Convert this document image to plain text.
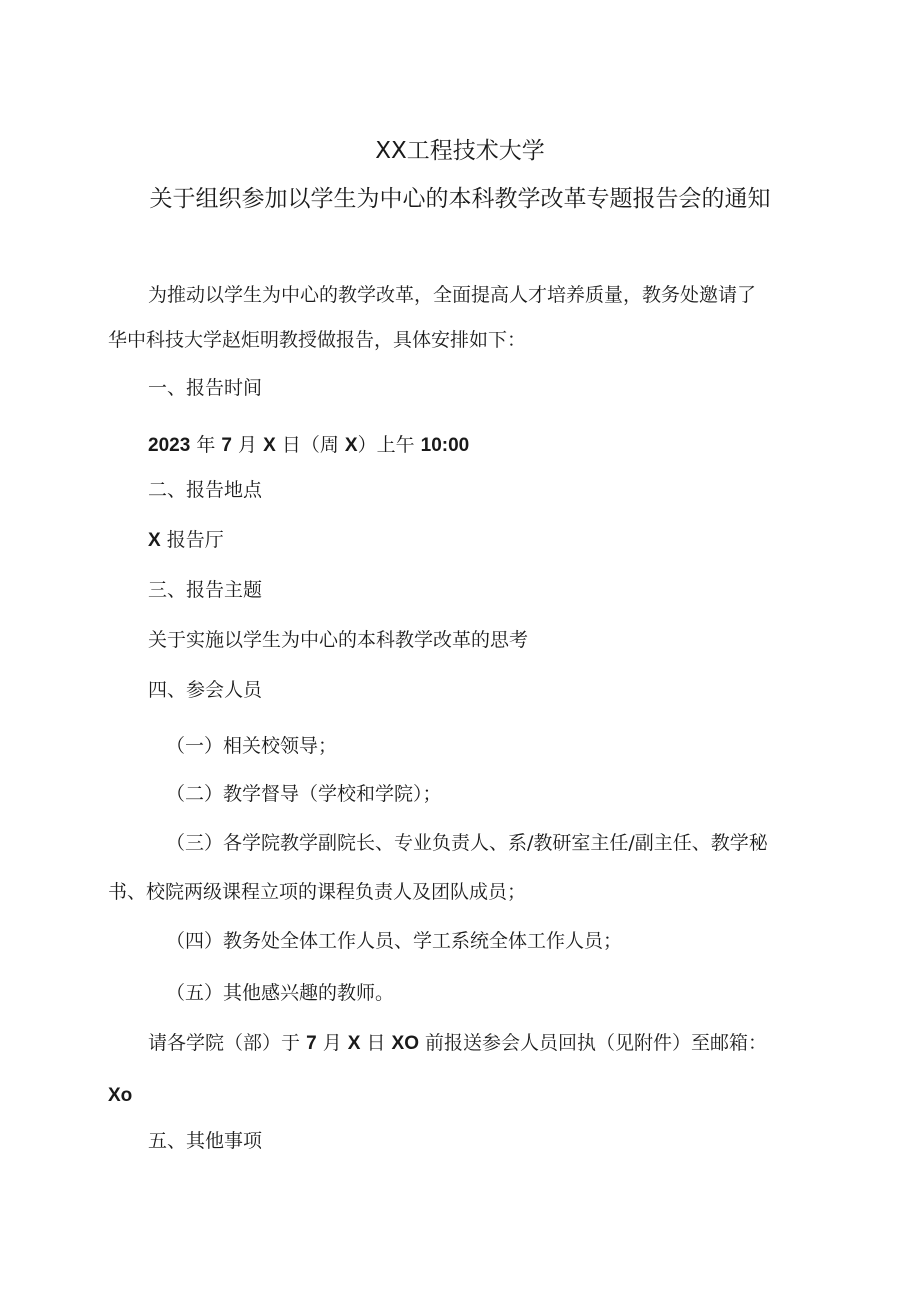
XX工程技术大学
关于组织参加以学生为中心的本科教学改革专题报告会的通知
为推动以学生为中心的教学改革，全面提高人才培养质量，教务处邀请了
华中科技大学赵炬明教授做报告，具体安排如下：
一、报告时间
2023 年 7 月 X 日（周 X）上午 10:00
二、报告地点
X 报告厅
三、报告主题
关于实施以学生为中心的本科教学改革的思考
四、参会人员
（一）相关校领导；
（二）教学督导（学校和学院）；
（三）各学院教学副院长、专业负责人、系/教研室主任/副主任、教学秘
书、校院两级课程立项的课程负责人及团队成员；
（四）教务处全体工作人员、学工系统全体工作人员；
（五）其他感兴趣的教师。
请各学院（部）于 7 月 X 日 XO 前报送参会人员回执（见附件）至邮箱：
Xo
五、其他事项
